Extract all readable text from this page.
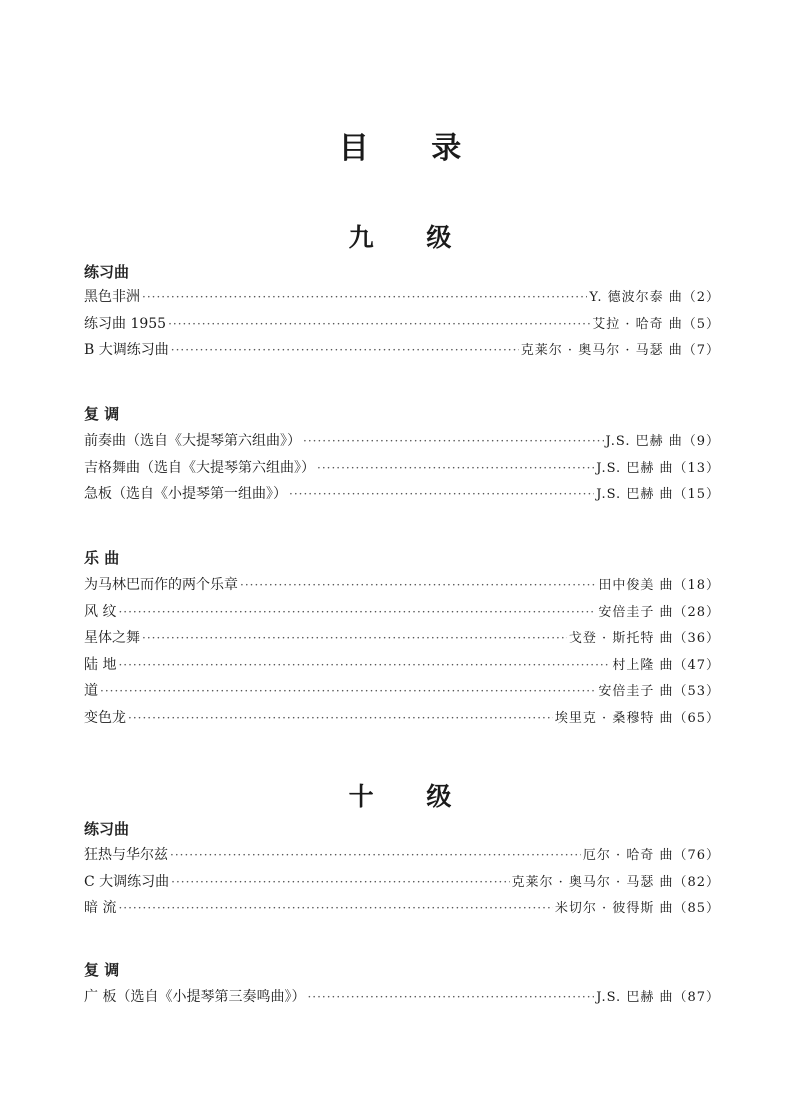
目 录
九 级
练习曲
黑色非洲 ·····	Y. 德波尔泰 曲（2）
练习曲 1955 ·····	艾拉 · 哈奇 曲（5）
B 大调练习曲 ·····	克莱尔 · 奥马尔 · 马瑟 曲（7）
复 调
前奏曲（选自《大提琴第六组曲》） ·····	J.S. 巴赫 曲（9）
吉格舞曲（选自《大提琴第六组曲》） ·····	J.S. 巴赫 曲（13）
急板（选自《小提琴第一组曲》） ·····	J.S. 巴赫 曲（15）
乐 曲
为马林巴而作的两个乐章 ·····	田中俊美 曲（18）
风 纹 ·····	安倍圭子 曲（28）
星体之舞 ·····	戈登 · 斯托特 曲（36）
陆 地 ·····	村上隆 曲（47）
道 ·····	安倍圭子 曲（53）
变色龙 ·····	埃里克 · 桑穆特 曲（65）
十 级
练习曲
狂热与华尔兹 ·····	厄尔 · 哈奇 曲（76）
C 大调练习曲 ·····	克莱尔 · 奥马尔 · 马瑟 曲（82）
暗 流 ·····	米切尔 · 彼得斯 曲（85）
复 调
广 板（选自《小提琴第三奏鸣曲》） ·····	J.S. 巴赫 曲（87）
